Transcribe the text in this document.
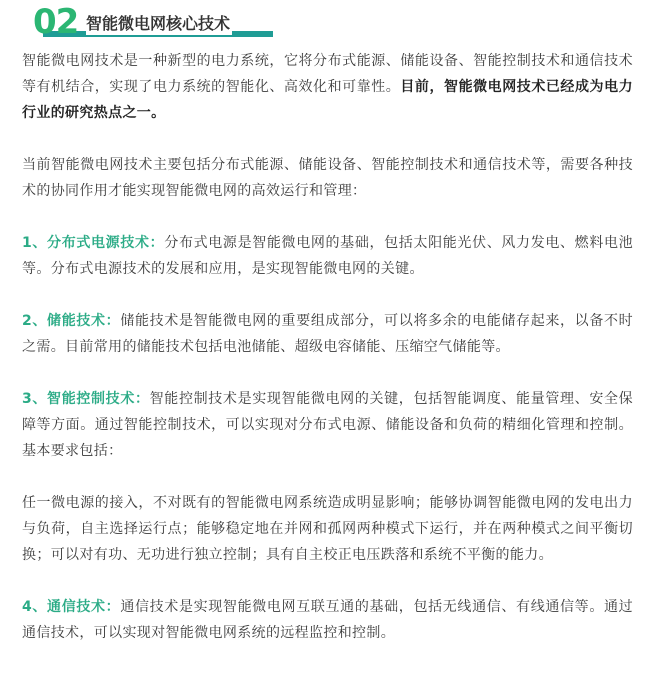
02 智能微电网核心技术

智能微电网技术是一种新型的电力系统，它将分布式能源、储能设备、智能控制技术和通信技术等有机结合，实现了电力系统的智能化、高效化和可靠性。目前，智能微电网技术已经成为电力行业的研究热点之一。

当前智能微电网技术主要包括分布式能源、储能设备、智能控制技术和通信技术等，需要各种技术的协同作用才能实现智能微电网的高效运行和管理：

1、分布式电源技术：分布式电源是智能微电网的基础，包括太阳能光伏、风力发电、燃料电池等。分布式电源技术的发展和应用，是实现智能微电网的关键。

2、储能技术：储能技术是智能微电网的重要组成部分，可以将多余的电能储存起来，以备不时之需。目前常用的储能技术包括电池储能、超级电容储能、压缩空气储能等。

3、智能控制技术：智能控制技术是实现智能微电网的关键，包括智能调度、能量管理、安全保障等方面。通过智能控制技术，可以实现对分布式电源、储能设备和负荷的精细化管理和控制。基本要求包括：

任一微电源的接入，不对既有的智能微电网系统造成明显影响；能够协调智能微电网的发电出力与负荷，自主选择运行点；能够稳定地在并网和孤网两种模式下运行，并在两种模式之间平衡切换；可以对有功、无功进行独立控制；具有自主校正电压跌落和系统不平衡的能力。

4、通信技术：通信技术是实现智能微电网互联互通的基础，包括无线通信、有线通信等。通过通信技术，可以实现对智能微电网系统的远程监控和控制。
